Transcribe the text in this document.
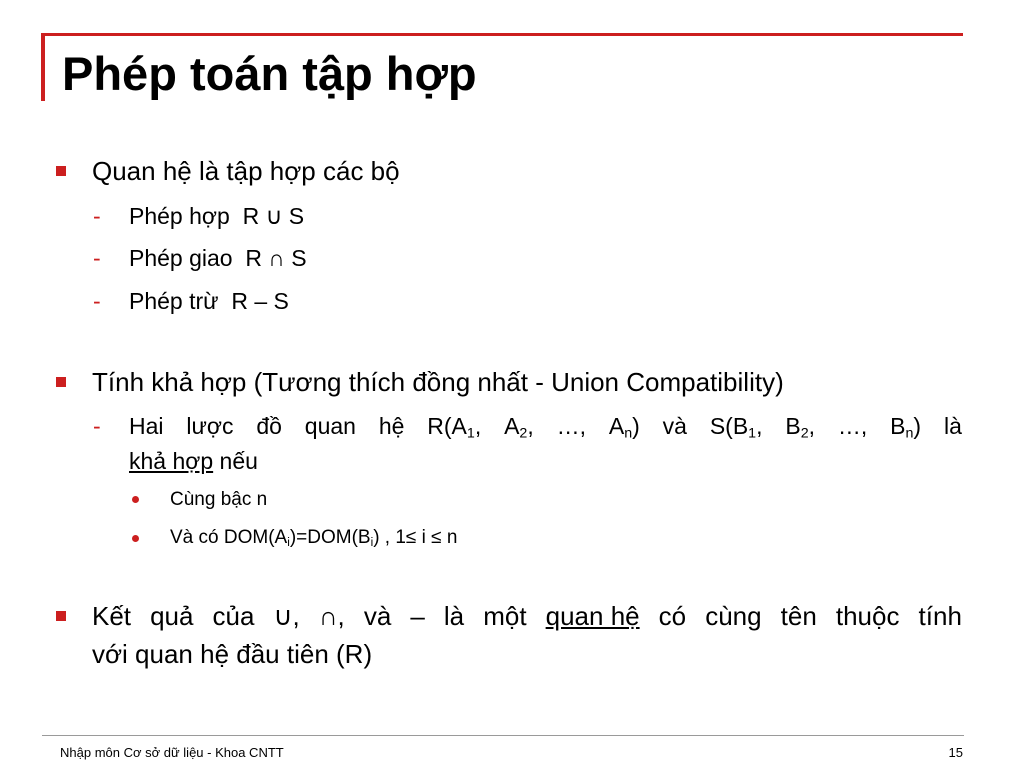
Phép toán tập hợp
Quan hệ là tập hợp các bộ
- Phép hợp R ∪ S
- Phép giao R ∩ S
- Phép trừ R – S
Tính khả hợp (Tương thích đồng nhất - Union Compatibility)
- Hai lược đồ quan hệ $R(A_1$, $A_2$, …, $A_n$) và $S(B_1$, $B_2$, …, $B_n$) là
khả hợp nếu
Cùng bậc n
Và có $DOM(A_i)=DOM(B_i)$ , 1≤ i ≤ n
Kết quả của ∪, ∩, và – là một quan hệ có cùng tên thuộc tính
với quan hệ đầu tiên (R)
Nhập môn Cơ sở dữ liệu - Khoa CNTT	15
